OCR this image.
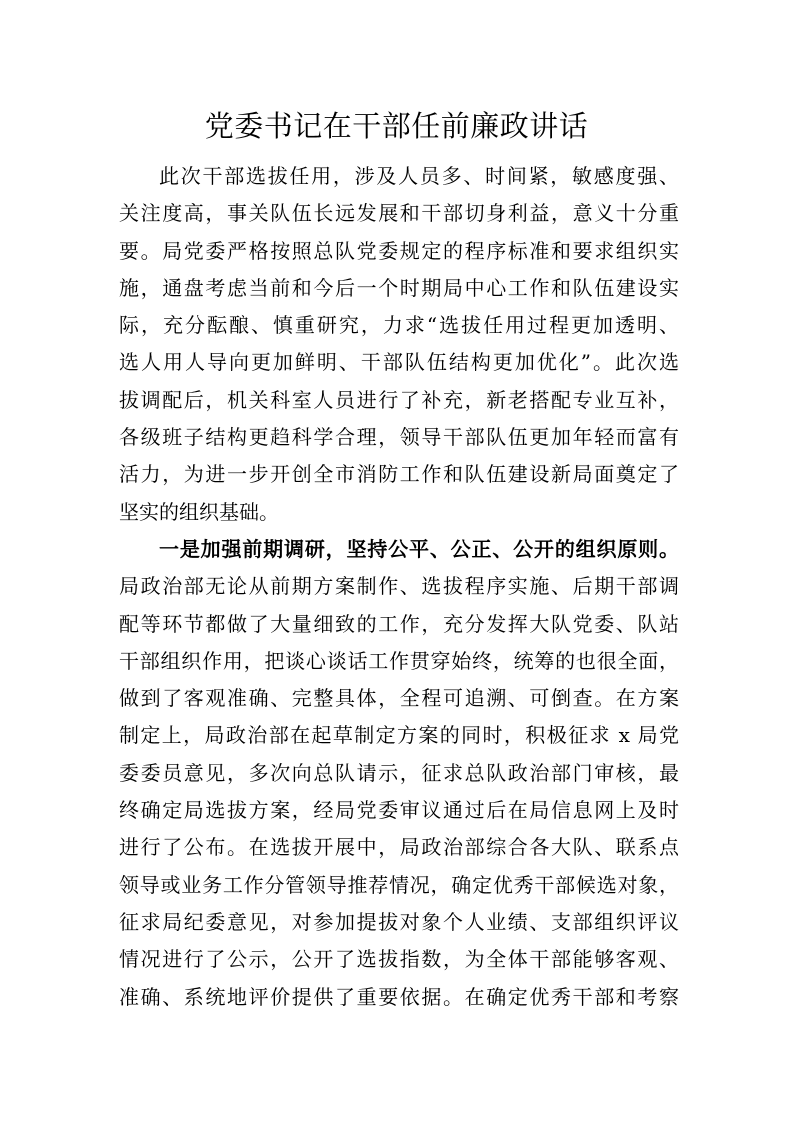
党委书记在干部任前廉政讲话
此次干部选拔任用，涉及人员多、时间紧，敏感度强、
关注度高，事关队伍长远发展和干部切身利益，意义十分重
要。局党委严格按照总队党委规定的程序标准和要求组织实
施，通盘考虑当前和今后一个时期局中心工作和队伍建设实
际，充分酝酿、慎重研究，力求“选拔任用过程更加透明、
选人用人导向更加鲜明、干部队伍结构更加优化”。此次选
拔调配后，机关科室人员进行了补充，新老搭配专业互补，
各级班子结构更趋科学合理，领导干部队伍更加年轻而富有
活力，为进一步开创全市消防工作和队伍建设新局面奠定了
坚实的组织基础。
一是加强前期调研，坚持公平、公正、公开的组织原则。
局政治部无论从前期方案制作、选拔程序实施、后期干部调
配等环节都做了大量细致的工作，充分发挥大队党委、队站
干部组织作用，把谈心谈话工作贯穿始终，统筹的也很全面，
做到了客观准确、完整具体，全程可追溯、可倒查。在方案
制定上，局政治部在起草制定方案的同时，积极征求 x 局党
委委员意见，多次向总队请示，征求总队政治部门审核，最
终确定局选拔方案，经局党委审议通过后在局信息网上及时
进行了公布。在选拔开展中，局政治部综合各大队、联系点
领导或业务工作分管领导推荐情况，确定优秀干部候选对象，
征求局纪委意见，对参加提拔对象个人业绩、支部组织评议
情况进行了公示，公开了选拔指数，为全体干部能够客观、
准确、系统地评价提供了重要依据。在确定优秀干部和考察
